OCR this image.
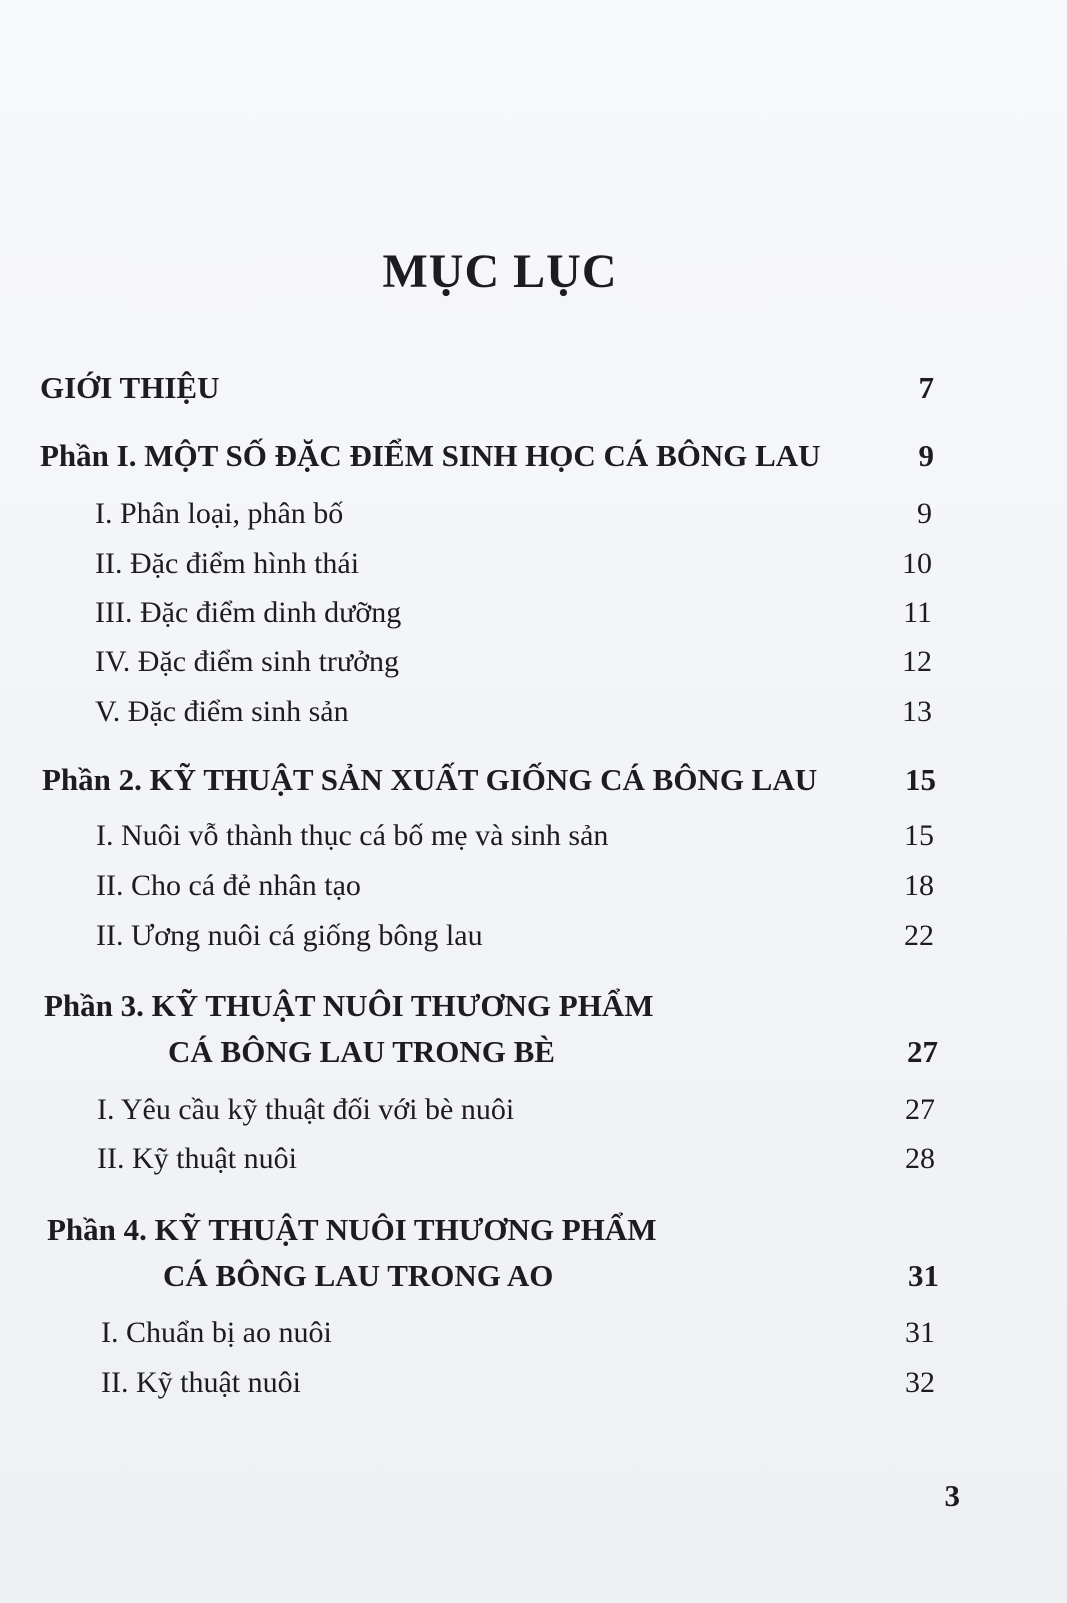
MỤC LỤC
GIỚI THIỆU	7
Phần I. MỘT SỐ ĐẶC ĐIỂM SINH HỌC CÁ BÔNG LAU	9
I. Phân loại, phân bố	9
II. Đặc điểm hình thái	10
III. Đặc điểm dinh dưỡng	11
IV. Đặc điểm sinh trưởng	12
V. Đặc điểm sinh sản	13
Phần 2. KỸ THUẬT SẢN XUẤT GIỐNG CÁ BÔNG LAU	15
I. Nuôi vỗ thành thục cá bố mẹ và sinh sản	15
II. Cho cá đẻ nhân tạo	18
II. Ương nuôi cá giống bông lau	22
Phần 3. KỸ THUẬT NUÔI THƯƠNG PHẨM
CÁ BÔNG LAU TRONG BÈ	27
I. Yêu cầu kỹ thuật đối với bè nuôi	27
II. Kỹ thuật nuôi	28
Phần 4. KỸ THUẬT NUÔI THƯƠNG PHẨM
CÁ BÔNG LAU TRONG AO	31
I. Chuẩn bị ao nuôi	31
II. Kỹ thuật nuôi	32
3
